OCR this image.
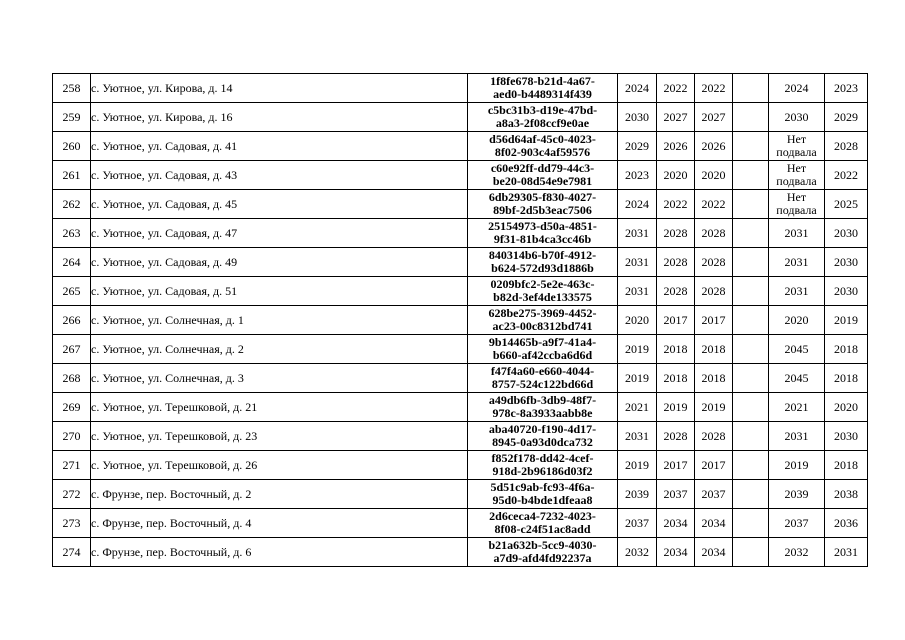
258	с. Уютное, ул. Кирова, д. 14	1f8fe678-b21d-4a67-
aed0-b4489314f439	2024	2022	2022		2024	2023
259	с. Уютное, ул. Кирова, д. 16	c5bc31b3-d19e-47bd-
a8a3-2f08ccf9e0ae	2030	2027	2027		2030	2029
260	с. Уютное, ул. Садовая, д. 41	d56d64af-45c0-4023-
8f02-903c4af59576	2029	2026	2026		Нет
подвала	2028
261	с. Уютное, ул. Садовая, д. 43	c60e92ff-dd79-44c3-
be20-08d54e9e7981	2023	2020	2020		Нет
подвала	2022
262	с. Уютное, ул. Садовая, д. 45	6db29305-f830-4027-
89bf-2d5b3eac7506	2024	2022	2022		Нет
подвала	2025
263	с. Уютное, ул. Садовая, д. 47	25154973-d50a-4851-
9f31-81b4ca3cc46b	2031	2028	2028		2031	2030
264	с. Уютное, ул. Садовая, д. 49	840314b6-b70f-4912-
b624-572d93d1886b	2031	2028	2028		2031	2030
265	с. Уютное, ул. Садовая, д. 51	0209bfc2-5e2e-463c-
b82d-3ef4de133575	2031	2028	2028		2031	2030
266	с. Уютное, ул. Солнечная, д. 1	628be275-3969-4452-
ac23-00c8312bd741	2020	2017	2017		2020	2019
267	с. Уютное, ул. Солнечная, д. 2	9b14465b-a9f7-41a4-
b660-af42ccba6d6d	2019	2018	2018		2045	2018
268	с. Уютное, ул. Солнечная, д. 3	f47f4a60-e660-4044-
8757-524c122bd66d	2019	2018	2018		2045	2018
269	с. Уютное, ул. Терешковой, д. 21	a49db6fb-3db9-48f7-
978c-8a3933aabb8e	2021	2019	2019		2021	2020
270	с. Уютное, ул. Терешковой, д. 23	aba40720-f190-4d17-
8945-0a93d0dca732	2031	2028	2028		2031	2030
271	с. Уютное, ул. Терешковой, д. 26	f852f178-dd42-4cef-
918d-2b96186d03f2	2019	2017	2017		2019	2018
272	с. Фрунзе, пер. Восточный, д. 2	5d51c9ab-fc93-4f6a-
95d0-b4bde1dfeaa8	2039	2037	2037		2039	2038
273	с. Фрунзе, пер. Восточный, д. 4	2d6ceca4-7232-4023-
8f08-c24f51ac8add	2037	2034	2034		2037	2036
274	с. Фрунзе, пер. Восточный, д. 6	b21a632b-5cc9-4030-
a7d9-afd4fd92237a	2032	2034	2034		2032	2031
